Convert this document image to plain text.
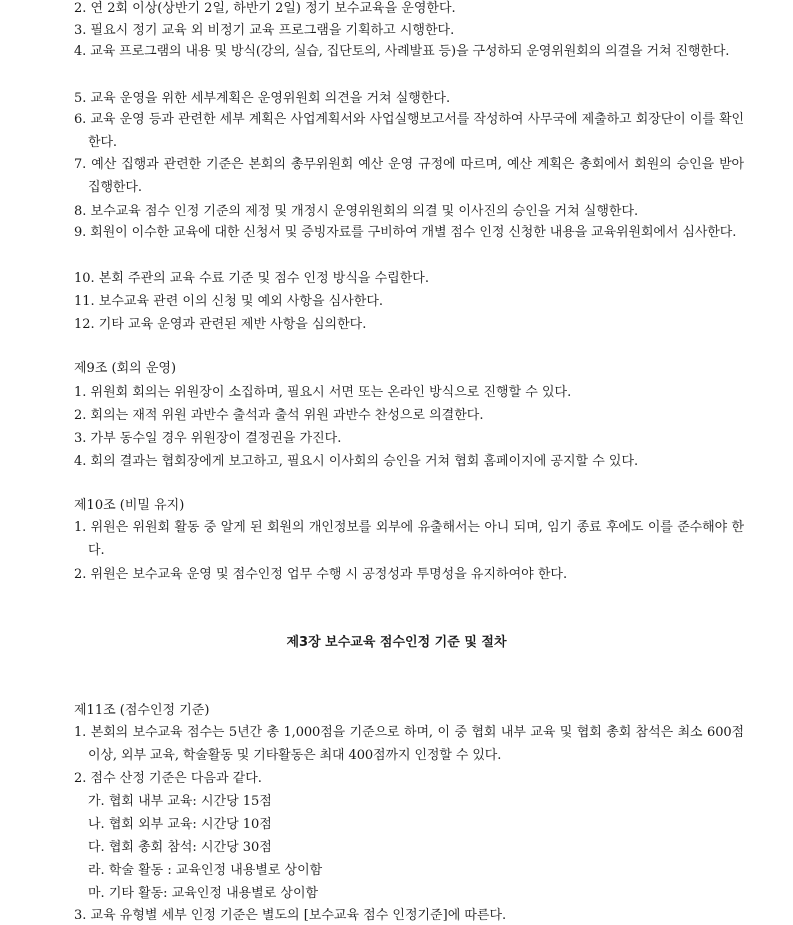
2. 연 2회 이상(상반기 2일, 하반기 2일) 정기 보수교육을 운영한다.
3. 필요시 정기 교육 외 비정기 교육 프로그램을 기획하고 시행한다.
4. 교육 프로그램의 내용 및 방식(강의, 실습, 집단토의, 사례발표 등)을 구성하되 운영위원회의 의결을 거쳐 진행한다.
5. 교육 운영을 위한 세부계획은 운영위원회 의견을 거쳐 실행한다.
6. 교육 운영 등과 관련한 세부 계획은 사업계획서와 사업실행보고서를 작성하여 사무국에 제출하고 회장단이 이를 확인한다.
7. 예산 집행과 관련한 기준은 본회의 총무위원회 예산 운영 규정에 따르며, 예산 계획은 총회에서 회원의 승인을 받아 집행한다.
8. 보수교육 점수 인정 기준의 제정 및 개정시 운영위원회의 의결 및 이사진의 승인을 거쳐 실행한다.
9. 회원이 이수한 교육에 대한 신청서 및 증빙자료를 구비하여 개별 점수 인정 신청한 내용을 교육위원회에서 심사한다.
10. 본회 주관의 교육 수료 기준 및 점수 인정 방식을 수립한다.
11. 보수교육 관련 이의 신청 및 예외 사항을 심사한다.
12. 기타 교육 운영과 관련된 제반 사항을 심의한다.
제9조 (회의 운영)
1. 위원회 회의는 위원장이 소집하며, 필요시 서면 또는 온라인 방식으로 진행할 수 있다.
2. 회의는 재적 위원 과반수 출석과 출석 위원 과반수 찬성으로 의결한다.
3. 가부 동수일 경우 위원장이 결정권을 가진다.
4. 회의 결과는 협회장에게 보고하고, 필요시 이사회의 승인을 거쳐 협회 홈페이지에 공지할 수 있다.
제10조 (비밀 유지)
1. 위원은 위원회 활동 중 알게 된 회원의 개인정보를 외부에 유출해서는 아니 되며, 임기 종료 후에도 이를 준수해야 한다.
2. 위원은 보수교육 운영 및 점수인정 업무 수행 시 공정성과 투명성을 유지하여야 한다.
제3장 보수교육 점수인정 기준 및 절차
제11조 (점수인정 기준)
1. 본회의 보수교육 점수는 5년간 총 1,000점을 기준으로 하며, 이 중 협회 내부 교육 및 협회 총회 참석은 최소 600점 이상, 외부 교육, 학술활동 및 기타활동은 최대 400점까지 인정할 수 있다.
2. 점수 산정 기준은 다음과 같다.
가. 협회 내부 교육: 시간당 15점
나. 협회 외부 교육: 시간당 10점
다. 협회 총회 참석: 시간당 30점
라. 학술 활동 : 교육인정 내용별로 상이함
마. 기타 활동: 교육인정 내용별로 상이함
3. 교육 유형별 세부 인정 기준은 별도의 [보수교육 점수 인정기준]에 따른다.
